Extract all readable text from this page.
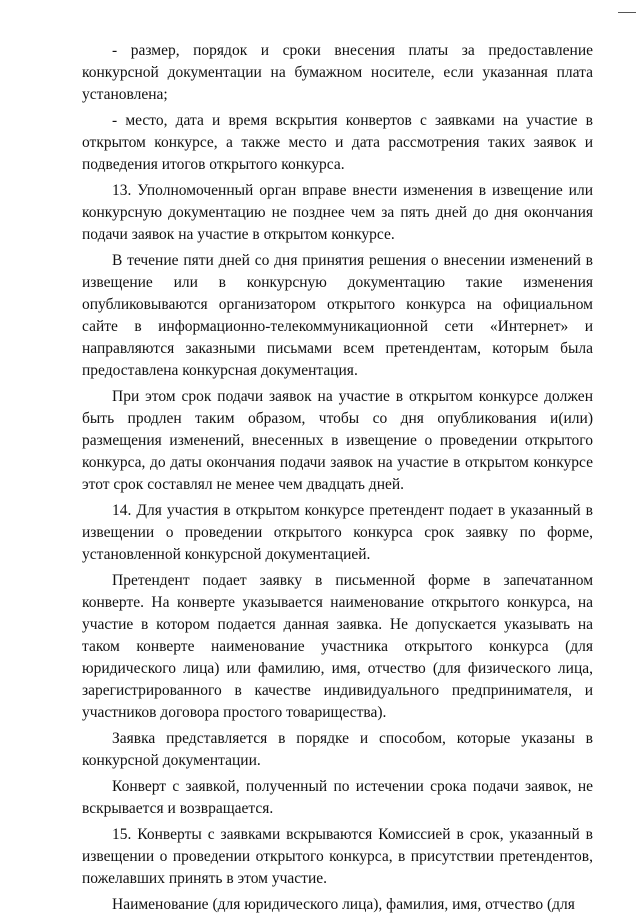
- размер, порядок и сроки внесения платы за предоставление конкурсной документации на бумажном носителе, если указанная плата установлена;

- место, дата и время вскрытия конвертов с заявками на участие в открытом конкурсе, а также место и дата рассмотрения таких заявок и подведения итогов открытого конкурса.

13. Уполномоченный орган вправе внести изменения в извещение или конкурсную документацию не позднее чем за пять дней до дня окончания подачи заявок на участие в открытом конкурсе.

В течение пяти дней со дня принятия решения о внесении изменений в извещение или в конкурсную документацию такие изменения опубликовываются организатором открытого конкурса на официальном сайте в информационно-телекоммуникационной сети «Интернет» и направляются заказными письмами всем претендентам, которым была предоставлена конкурсная документация.

При этом срок подачи заявок на участие в открытом конкурсе должен быть продлен таким образом, чтобы со дня опубликования и(или) размещения изменений, внесенных в извещение о проведении открытого конкурса, до даты окончания подачи заявок на участие в открытом конкурсе этот срок составлял не менее чем двадцать дней.

14. Для участия в открытом конкурсе претендент подает в указанный в извещении о проведении открытого конкурса срок заявку по форме, установленной конкурсной документацией.

Претендент подает заявку в письменной форме в запечатанном конверте. На конверте указывается наименование открытого конкурса, на участие в котором подается данная заявка. Не допускается указывать на таком конверте наименование участника открытого конкурса (для юридического лица) или фамилию, имя, отчество (для физического лица, зарегистрированного в качестве индивидуального предпринимателя, и участников договора простого товарищества).

Заявка представляется в порядке и способом, которые указаны в конкурсной документации.

Конверт с заявкой, полученный по истечении срока подачи заявок, не вскрывается и возвращается.

15. Конверты с заявками вскрываются Комиссией в срок, указанный в извещении о проведении открытого конкурса, в присутствии претендентов, пожелавших принять в этом участие.

Наименование (для юридического лица), фамилия, имя, отчество (для
